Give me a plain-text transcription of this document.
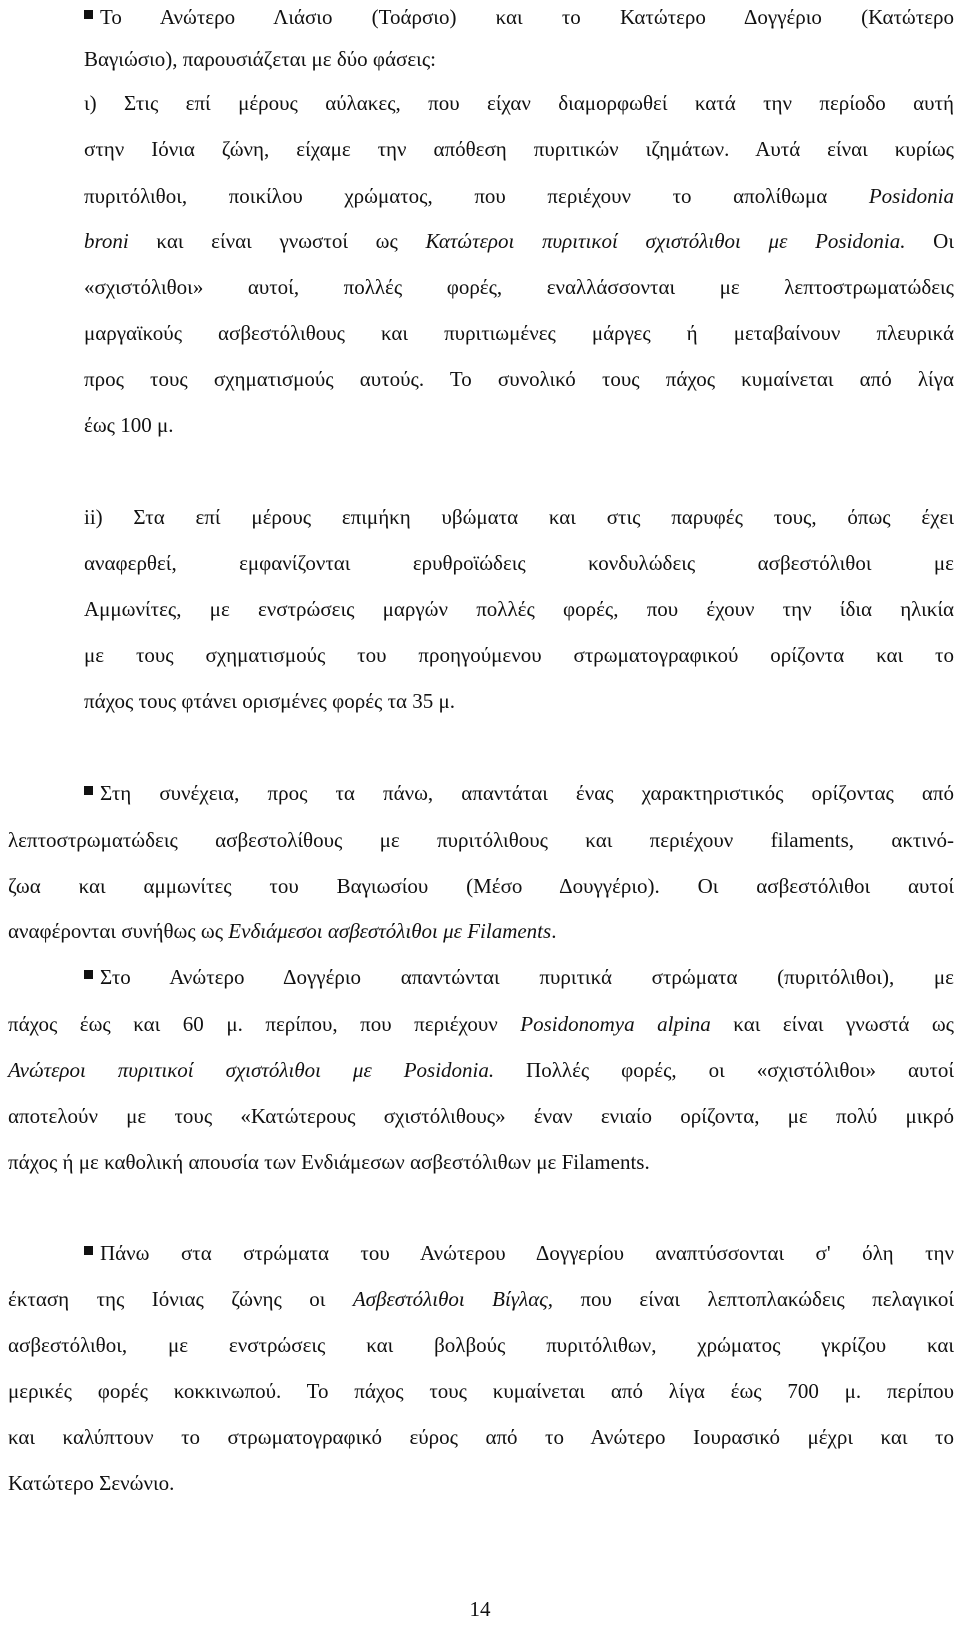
Το Ανώτερο Λιάσιο (Τοάρσιο) και το Κατώτερο Δογγέριο (Κατώτερο
Βαγιώσιο), παρουσιάζεται με δύο φάσεις:
ι) Στις επί μέρους αύλακες, που είχαν διαμορφωθεί κατά την περίοδο αυτή
στην Ιόνια ζώνη, είχαμε την απόθεση πυριτικών ιζημάτων. Αυτά είναι κυρίως
πυριτόλιθοι, ποικίλου χρώματος, που περιέχουν το απολίθωμα Posidonia
broni και είναι γνωστοί ως Κατώτεροι πυριτικοί σχιστόλιθοι με Posidonia. Οι
«σχιστόλιθοι» αυτοί, πολλές φορές, εναλλάσσονται με λεπτοστρωματώδεις
μαργαϊκούς ασβεστόλιθους και πυριτιωμένες μάργες ή μεταβαίνουν πλευρικά
προς τους σχηματισμούς αυτούς. Το συνολικό τους πάχος κυμαίνεται από λίγα
έως 100 μ.
ii) Στα επί μέρους επιμήκη υβώματα και στις παρυφές τους, όπως έχει
αναφερθεί, εμφανίζονται ερυθροϊώδεις κονδυλώδεις ασβεστόλιθοι με
Αμμωνίτες, με ενστρώσεις μαργών πολλές φορές, που έχουν την ίδια ηλικία
με τους σχηματισμούς του προηγούμενου στρωματογραφικού ορίζοντα και το
πάχος τους φτάνει ορισμένες φορές τα 35 μ.
Στη συνέχεια, προς τα πάνω, απαντάται ένας χαρακτηριστικός ορίζοντας από
λεπτοστρωματώδεις ασβεστολίθους με πυριτόλιθους και περιέχουν filaments, ακτινό-
ζωα και αμμωνίτες του Βαγιωσίου (Μέσο Δουγγέριο). Οι ασβεστόλιθοι αυτοί
αναφέρονται συνήθως ως Ενδιάμεσοι ασβεστόλιθοι με Filaments.
Στο Ανώτερο Δογγέριο απαντώνται πυριτικά στρώματα (πυριτόλιθοι), με
πάχος έως και 60 μ. περίπου, που περιέχουν Posidonomya alpina και είναι γνωστά ως
Ανώτεροι πυριτικοί σχιστόλιθοι με Posidonia. Πολλές φορές, οι «σχιστόλιθοι» αυτοί
αποτελούν με τους «Κατώτερους σχιστόλιθους» έναν ενιαίο ορίζοντα, με πολύ μικρό
πάχος ή με καθολική απουσία των Ενδιάμεσων ασβεστόλιθων με Filaments.
Πάνω στα στρώματα του Ανώτερου Δογγερίου αναπτύσσονται σ' όλη την
έκταση της Ιόνιας ζώνης οι Ασβεστόλιθοι Βίγλας, που είναι λεπτοπλακώδεις πελαγικοί
ασβεστόλιθοι, με ενστρώσεις και βολβούς πυριτόλιθων, χρώματος γκρίζου και
μερικές φορές κοκκινωπού. Το πάχος τους κυμαίνεται από λίγα έως 700 μ. περίπου
και καλύπτουν το στρωματογραφικό εύρος από το Ανώτερο Ιουρασικό μέχρι και το
Κατώτερο Σενώνιο.
14
